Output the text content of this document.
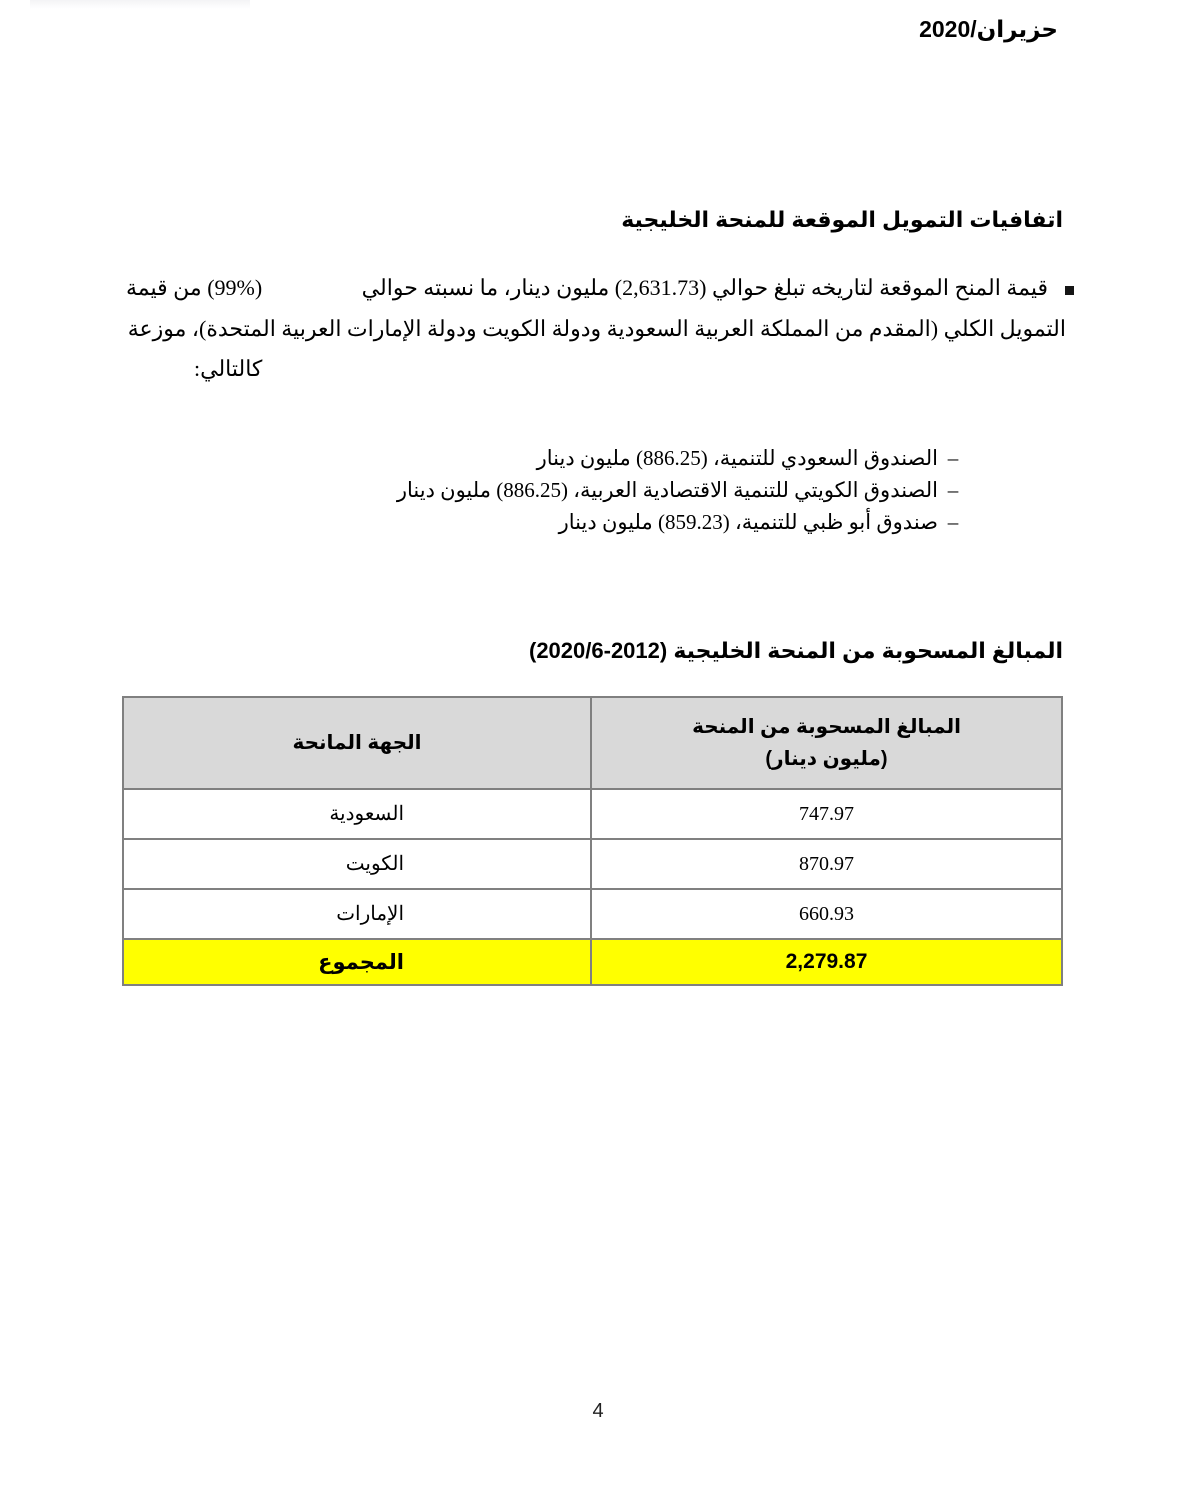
حزيران/2020
اتفافيات التمويل الموقعة للمنحة الخليجية
قيمة المنح الموقعة لتاريخه تبلغ حوالي (2,631.73) مليون دينار، ما نسبته حوالي
(99%) من قيمة
التمويل الكلي (المقدم من المملكة العربية السعودية ودولة الكويت ودولة الإمارات العربية المتحدة)، موزعة
كالتالي:
–
الصندوق السعودي للتنمية، (886.25) مليون دينار
–
الصندوق الكويتي للتنمية الاقتصادية العربية، (886.25) مليون دينار
–
صندوق أبو ظبي للتنمية، (859.23) مليون دينار
المبالغ المسحوبة من المنحة الخليجية (2012-2020/6)
المبالغ المسحوبة من المنحة
(مليون دينار)	الجهة المانحة
747.97	السعودية
870.97	الكويت
660.93	الإمارات
2,279.87	المجموع
4
